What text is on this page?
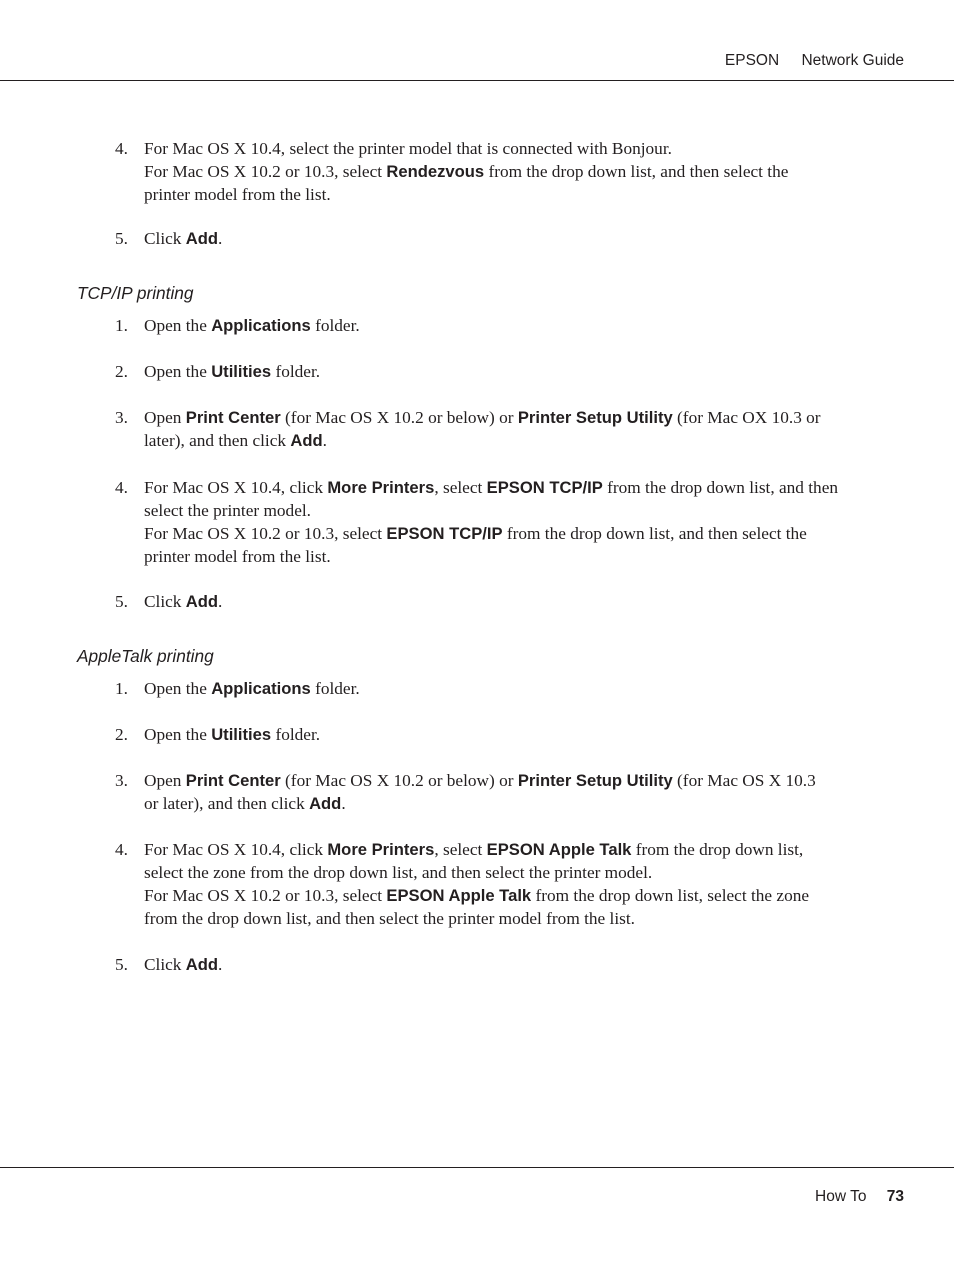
EPSON Network Guide
4. For Mac OS X 10.4, select the printer model that is connected with Bonjour.
For Mac OS X 10.2 or 10.3, select Rendezvous from the drop down list, and then select the
printer model from the list.
5. Click Add.
TCP/IP printing
1. Open the Applications folder.
2. Open the Utilities folder.
3. Open Print Center (for Mac OS X 10.2 or below) or Printer Setup Utility (for Mac OX 10.3 or
later), and then click Add.
4. For Mac OS X 10.4, click More Printers, select EPSON TCP/IP from the drop down list, and then
select the printer model.
For Mac OS X 10.2 or 10.3, select EPSON TCP/IP from the drop down list, and then select the
printer model from the list.
5. Click Add.
AppleTalk printing
1. Open the Applications folder.
2. Open the Utilities folder.
3. Open Print Center (for Mac OS X 10.2 or below) or Printer Setup Utility (for Mac OS X 10.3
or later), and then click Add.
4. For Mac OS X 10.4, click More Printers, select EPSON Apple Talk from the drop down list,
select the zone from the drop down list, and then select the printer model.
For Mac OS X 10.2 or 10.3, select EPSON Apple Talk from the drop down list, select the zone
from the drop down list, and then select the printer model from the list.
5. Click Add.
How To 73
